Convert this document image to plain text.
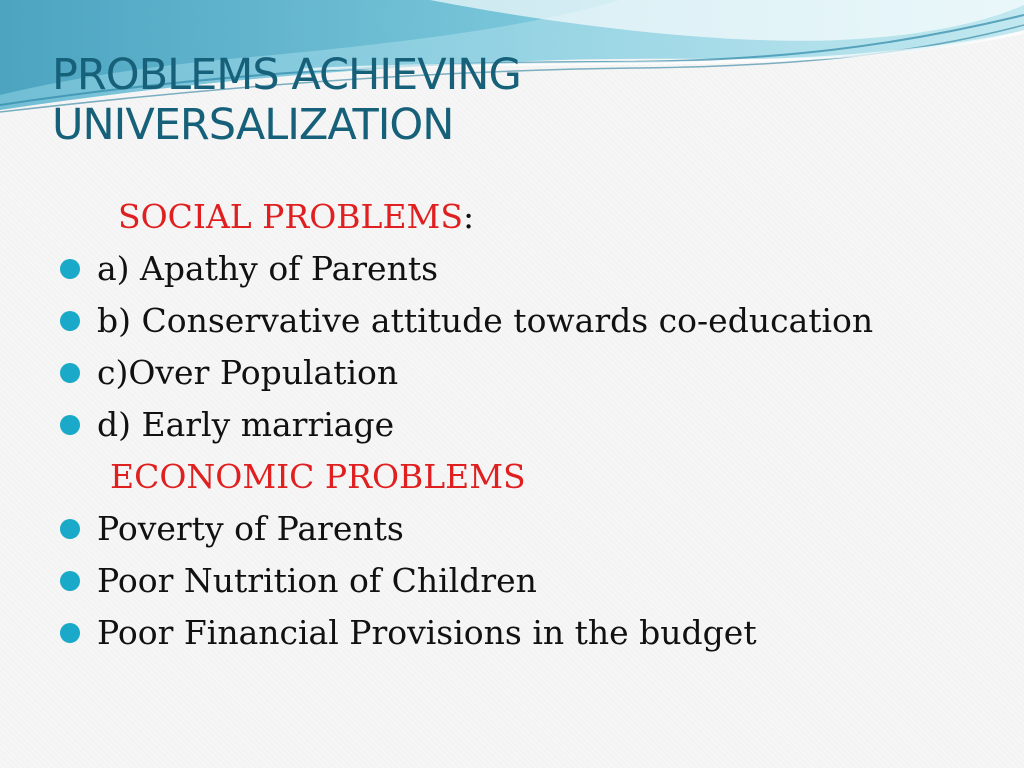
PROBLEMS ACHIEVING
UNIVERSALIZATION
SOCIAL PROBLEMS:
a) Apathy of Parents
b) Conservative attitude towards co-education
c)Over Population
d) Early marriage
ECONOMIC PROBLEMS
Poverty of Parents
Poor Nutrition of Children
Poor Financial Provisions in the budget
